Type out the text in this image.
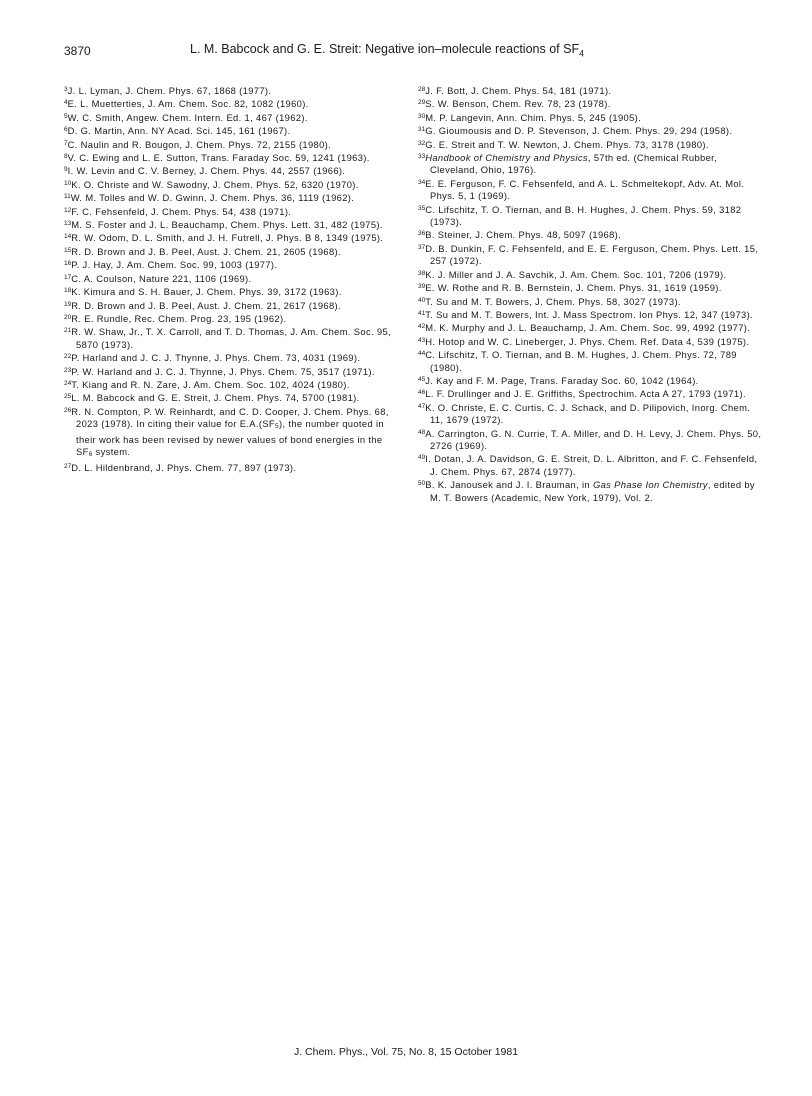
3870	L. M. Babcock and G. E. Streit: Negative ion–molecule reactions of $SF_4$
$^3$J. L. Lyman, J. Chem. Phys. 67, 1868 (1977).
$^4$E. L. Muetterties, J. Am. Chem. Soc. 82, 1082 (1960).
$^5$W. C. Smith, Angew. Chem. Intern. Ed. 1, 467 (1962).
$^6$D. G. Martin, Ann. NY Acad. Sci. 145, 161 (1967).
$^7$C. Naulin and R. Bougon, J. Chem. Phys. 72, 2155 (1980).
$^8$V. C. Ewing and L. E. Sutton, Trans. Faraday Soc. 59, 1241 (1963).
$^9$I. W. Levin and C. V. Berney, J. Chem. Phys. 44, 2557 (1966).
$^{10}$K. O. Christe and W. Sawodny, J. Chem. Phys. 52, 6320 (1970).
$^{11}$W. M. Tolles and W. D. Gwinn, J. Chem. Phys. 36, 1119 (1962).
$^{12}$F. C. Fehsenfeld, J. Chem. Phys. 54, 438 (1971).
$^{13}$M. S. Foster and J. L. Beauchamp, Chem. Phys. Lett. 31, 482 (1975).
$^{14}$R. W. Odom, D. L. Smith, and J. H. Futrell, J. Phys. B 8, 1349 (1975).
$^{15}$R. D. Brown and J. B. Peel, Aust. J. Chem. 21, 2605 (1968).
$^{16}$P. J. Hay, J. Am. Chem. Soc. 99, 1003 (1977).
$^{17}$C. A. Coulson, Nature 221, 1106 (1969).
$^{18}$K. Kimura and S. H. Bauer, J. Chem. Phys. 39, 3172 (1963).
$^{19}$R. D. Brown and J. B. Peel, Aust. J. Chem. 21, 2617 (1968).
$^{20}$R. E. Rundle, Rec. Chem. Prog. 23, 195 (1962).
$^{21}$R. W. Shaw, Jr., T. X. Carroll, and T. D. Thomas, J. Am. Chem. Soc. 95, 5870 (1973).
$^{22}$P. Harland and J. C. J. Thynne, J. Phys. Chem. 73, 4031 (1969).
$^{23}$P. W. Harland and J. C. J. Thynne, J. Phys. Chem. 75, 3517 (1971).
$^{24}$T. Kiang and R. N. Zare, J. Am. Chem. Soc. 102, 4024 (1980).
$^{25}$L. M. Babcock and G. E. Streit, J. Chem. Phys. 74, 5700 (1981).
$^{26}$R. N. Compton, P. W. Reinhardt, and C. D. Cooper, J. Chem. Phys. 68, 2023 (1978). In citing their value for $E.A.(SF_5)$, the number quoted in their work has been revised by newer values of bond energies in the $SF_6$ system.
$^{27}$D. L. Hildenbrand, J. Phys. Chem. 77, 897 (1973).
$^{28}$J. F. Bott, J. Chem. Phys. 54, 181 (1971).
$^{29}$S. W. Benson, Chem. Rev. 78, 23 (1978).
$^{30}$M. P. Langevin, Ann. Chim. Phys. 5, 245 (1905).
$^{31}$G. Gioumousis and D. P. Stevenson, J. Chem. Phys. 29, 294 (1958).
$^{32}$G. E. Streit and T. W. Newton, J. Chem. Phys. 73, 3178 (1980).
$^{33}$Handbook of Chemistry and Physics, 57th ed. (Chemical Rubber, Cleveland, Ohio, 1976).
$^{34}$E. E. Ferguson, F. C. Fehsenfeld, and A. L. Schmeltekopf, Adv. At. Mol. Phys. 5, 1 (1969).
$^{35}$C. Lifschitz, T. O. Tiernan, and B. H. Hughes, J. Chem. Phys. 59, 3182 (1973).
$^{36}$B. Steiner, J. Chem. Phys. 48, 5097 (1968).
$^{37}$D. B. Dunkin, F. C. Fehsenfeld, and E. E. Ferguson, Chem. Phys. Lett. 15, 257 (1972).
$^{38}$K. J. Miller and J. A. Savchik, J. Am. Chem. Soc. 101, 7206 (1979).
$^{39}$E. W. Rothe and R. B. Bernstein, J. Chem. Phys. 31, 1619 (1959).
$^{40}$T. Su and M. T. Bowers, J. Chem. Phys. 58, 3027 (1973).
$^{41}$T. Su and M. T. Bowers, Int. J. Mass Spectrom. Ion Phys. 12, 347 (1973).
$^{42}$M. K. Murphy and J. L. Beauchamp, J. Am. Chem. Soc. 99, 4992 (1977).
$^{43}$H. Hotop and W. C. Lineberger, J. Phys. Chem. Ref. Data 4, 539 (1975).
$^{44}$C. Lifschitz, T. O. Tiernan, and B. M. Hughes, J. Chem. Phys. 72, 789 (1980).
$^{45}$J. Kay and F. M. Page, Trans. Faraday Soc. 60, 1042 (1964).
$^{46}$L. F. Drullinger and J. E. Griffiths, Spectrochim. Acta A 27, 1793 (1971).
$^{47}$K. O. Christe, E. C. Curtis, C. J. Schack, and D. Pilipovich, Inorg. Chem. 11, 1679 (1972).
$^{48}$A. Carrington, G. N. Currie, T. A. Miller, and D. H. Levy, J. Chem. Phys. 50, 2726 (1969).
$^{49}$I. Dotan, J. A. Davidson, G. E. Streit, D. L. Albritton, and F. C. Fehsenfeld, J. Chem. Phys. 67, 2874 (1977).
$^{50}$B. K. Janousek and J. I. Brauman, in Gas Phase Ion Chemistry, edited by M. T. Bowers (Academic, New York, 1979), Vol. 2.
J. Chem. Phys., Vol. 75, No. 8, 15 October 1981
